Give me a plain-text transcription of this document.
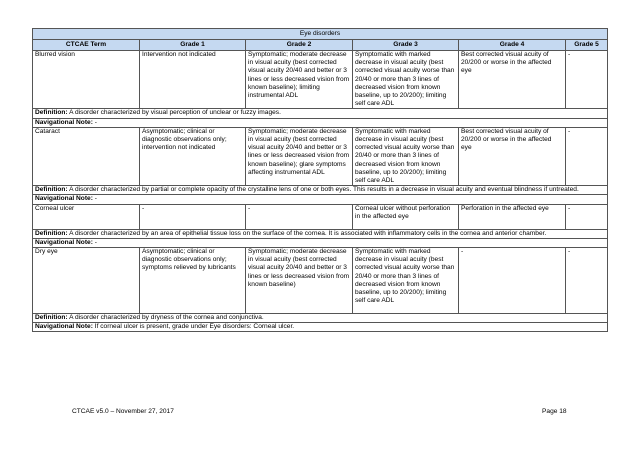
Eye disorders					
CTCAE Term	Grade 1	Grade 2	Grade 3	Grade 4	Grade 5
Blurred vision	Intervention not indicated	Symptomatic; moderate decrease in visual acuity (best corrected visual acuity 20/40 and better or 3 lines or less decreased vision from known baseline); limiting instrumental ADL	Symptomatic with marked decrease in visual acuity (best corrected visual acuity worse than 20/40 or more than 3 lines of decreased vision from known baseline, up to 20/200); limiting self care ADL	Best corrected visual acuity of 20/200 or worse in the affected eye	-
Definition: A disorder characterized by visual perception of unclear or fuzzy images.					
Navigational Note: -					
Cataract	Asymptomatic; clinical or diagnostic observations only; intervention not indicated	Symptomatic; moderate decrease in visual acuity (best corrected visual acuity 20/40 and better or 3 lines or less decreased vision from known baseline); glare symptoms affecting instrumental ADL	Symptomatic with marked decrease in visual acuity (best corrected visual acuity worse than 20/40 or more than 3 lines of decreased vision from known baseline, up to 20/200); limiting self care ADL	Best corrected visual acuity of 20/200 or worse in the affected eye	-
Definition: A disorder characterized by partial or complete opacity of the crystalline lens of one or both eyes. This results in a decrease in visual acuity and eventual blindness if untreated.					
Navigational Note: -					
Corneal ulcer	-	-	Corneal ulcer without perforation in the affected eye	Perforation in the affected eye	-
Definition: A disorder characterized by an area of epithelial tissue loss on the surface of the cornea. It is associated with inflammatory cells in the cornea and anterior chamber.					
Navigational Note: -					
Dry eye	Asymptomatic; clinical or diagnostic observations only; symptoms relieved by lubricants	Symptomatic; moderate decrease in visual acuity (best corrected visual acuity 20/40 and better or 3 lines or less decreased vision from known baseline)	Symptomatic with marked decrease in visual acuity (best corrected visual acuity worse than 20/40 or more than 3 lines of decreased vision from known baseline, up to 20/200); limiting self care ADL	-	-
Definition: A disorder characterized by dryness of the cornea and conjunctiva.					
Navigational Note: If corneal ulcer is present, grade under Eye disorders: Corneal ulcer.					
CTCAE v5.0 – November 27, 2017	Page 18
